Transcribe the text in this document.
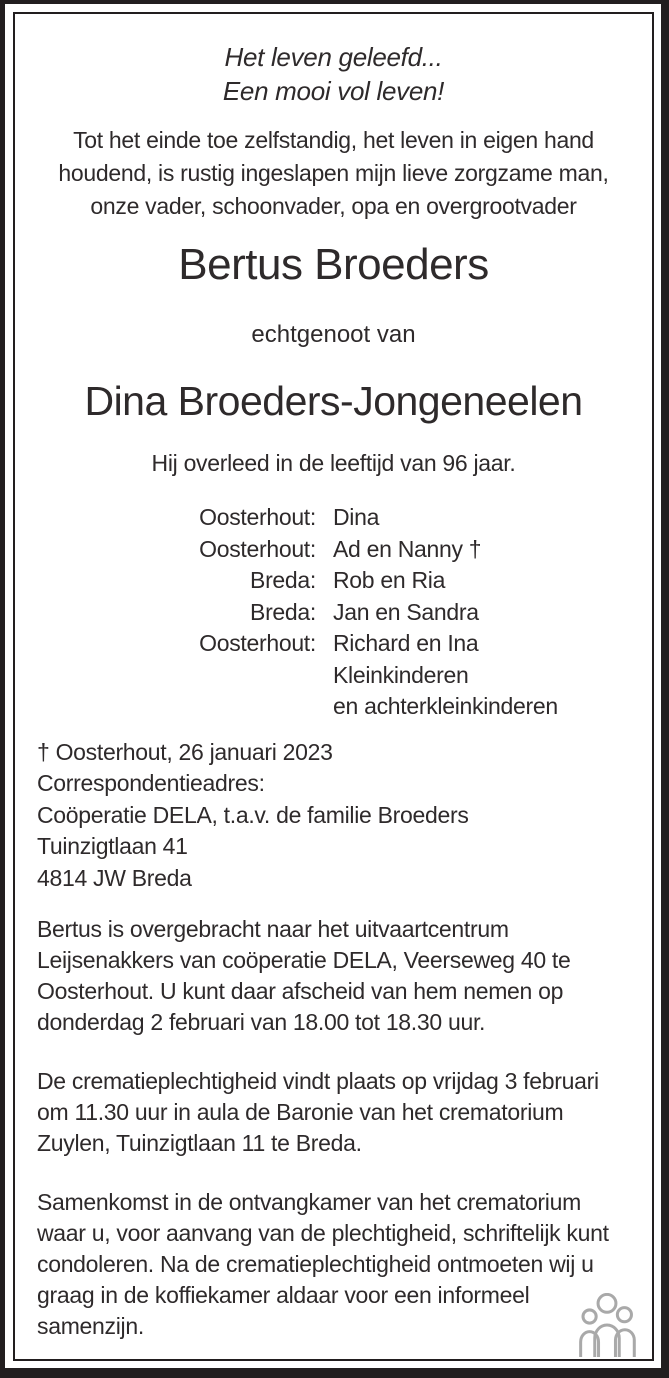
Het leven geleefd...
Een mooi vol leven!
Tot het einde toe zelfstandig, het leven in eigen hand
houdend, is rustig ingeslapen mijn lieve zorgzame man,
onze vader, schoonvader, opa en overgrootvader
Bertus Broeders
echtgenoot van
Dina Broeders-Jongeneelen
Hij overleed in de leeftijd van 96 jaar.
Oosterhout: Dina
Oosterhout: Ad en Nanny †
Breda: Rob en Ria
Breda: Jan en Sandra
Oosterhout: Richard en Ina
Kleinkinderen
en achterkleinkinderen
† Oosterhout, 26 januari 2023
Correspondentieadres:
Coöperatie DELA, t.a.v. de familie Broeders
Tuinzigtlaan 41
4814 JW Breda
Bertus is overgebracht naar het uitvaartcentrum
Leijsenakkers van coöperatie DELA, Veerseweg 40 te
Oosterhout. U kunt daar afscheid van hem nemen op
donderdag 2 februari van 18.00 tot 18.30 uur.
De crematieplechtigheid vindt plaats op vrijdag 3 februari
om 11.30 uur in aula de Baronie van het crematorium
Zuylen, Tuinzigtlaan 11 te Breda.
Samenkomst in de ontvangkamer van het crematorium
waar u, voor aanvang van de plechtigheid, schriftelijk kunt
condoleren. Na de crematieplechtigheid ontmoeten wij u
graag in de koffiekamer aldaar voor een informeel
samenzijn.
